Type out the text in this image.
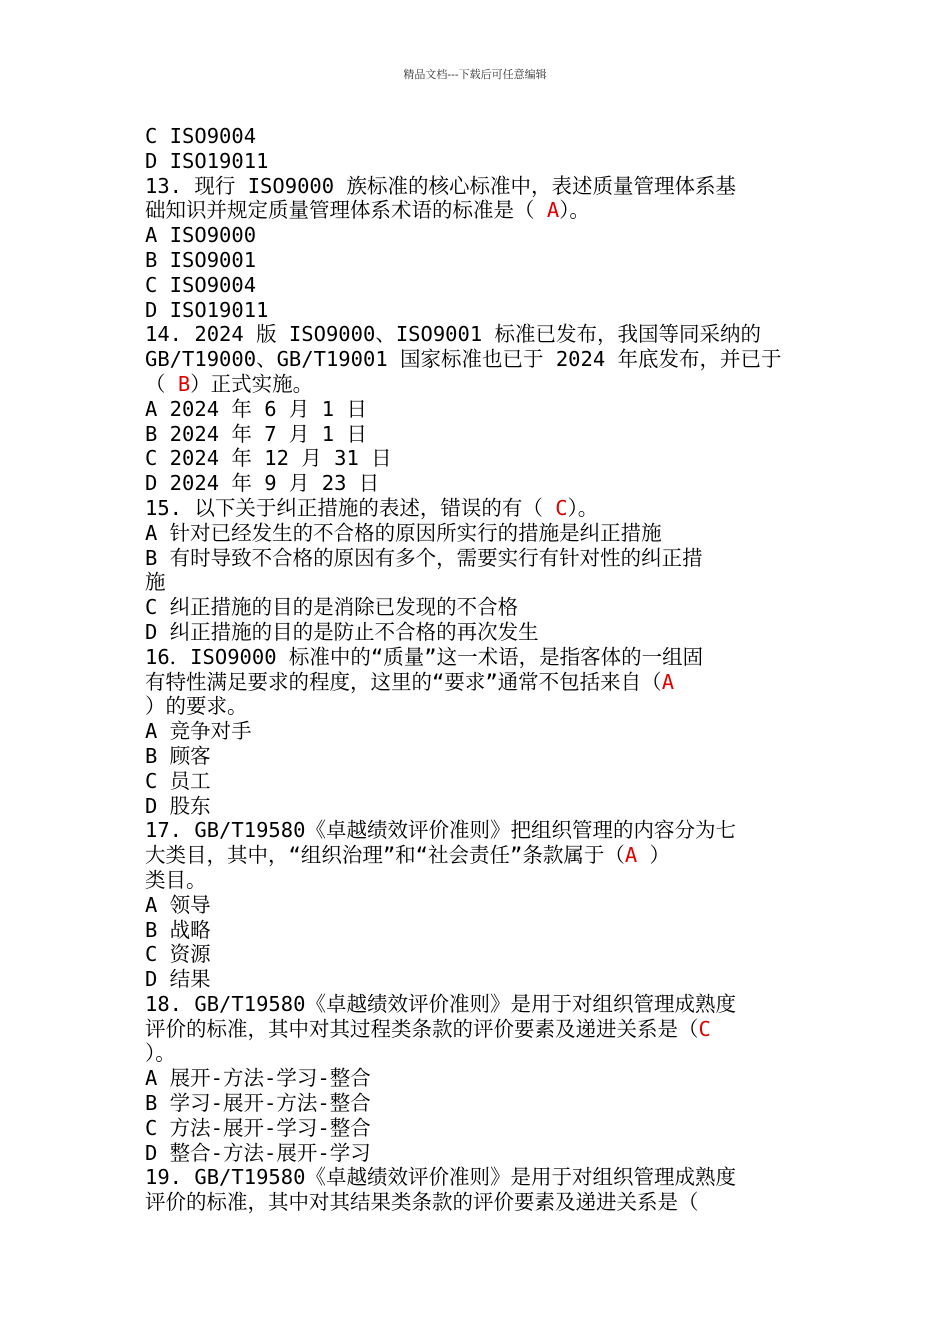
精品文档---下载后可任意编辑
C ISO9004
D ISO19011
13. 现行 ISO9000 族标准的核心标准中，表述质量管理体系基
础知识并规定质量管理体系术语的标准是（ A）。
A ISO9000
B ISO9001
C ISO9004
D ISO19011
14. 2024 版 ISO9000、ISO9001 标准已发布，我国等同采纳的
GB/T19000、GB/T19001 国家标准也已于 2024 年底发布，并已于
（ B）正式实施。
A 2024 年 6 月 1 日
B 2024 年 7 月 1 日
C 2024 年 12 月 31 日
D 2024 年 9 月 23 日
15. 以下关于纠正措施的表述，错误的有（ C）。
A 针对已经发生的不合格的原因所实行的措施是纠正措施
B 有时导致不合格的原因有多个，需要实行有针对性的纠正措
施
C 纠正措施的目的是消除已发现的不合格
D 纠正措施的目的是防止不合格的再次发生
16．ISO9000 标准中的“质量”这一术语，是指客体的一组固
有特性满足要求的程度，这里的“要求”通常不包括来自（A
）的要求。
A 竞争对手
B 顾客
C 员工
D 股东
17. GB/T19580《卓越绩效评价准则》把组织管理的内容分为七
大类目，其中，“组织治理”和“社会责任”条款属于（A ）
类目。
A 领导
B 战略
C 资源
D 结果
18. GB/T19580《卓越绩效评价准则》是用于对组织管理成熟度
评价的标准，其中对其过程类条款的评价要素及递进关系是（C
）。
A 展开-方法-学习-整合
B 学习-展开-方法-整合
C 方法-展开-学习-整合
D 整合-方法-展开-学习
19. GB/T19580《卓越绩效评价准则》是用于对组织管理成熟度
评价的标准，其中对其结果类条款的评价要素及递进关系是（
